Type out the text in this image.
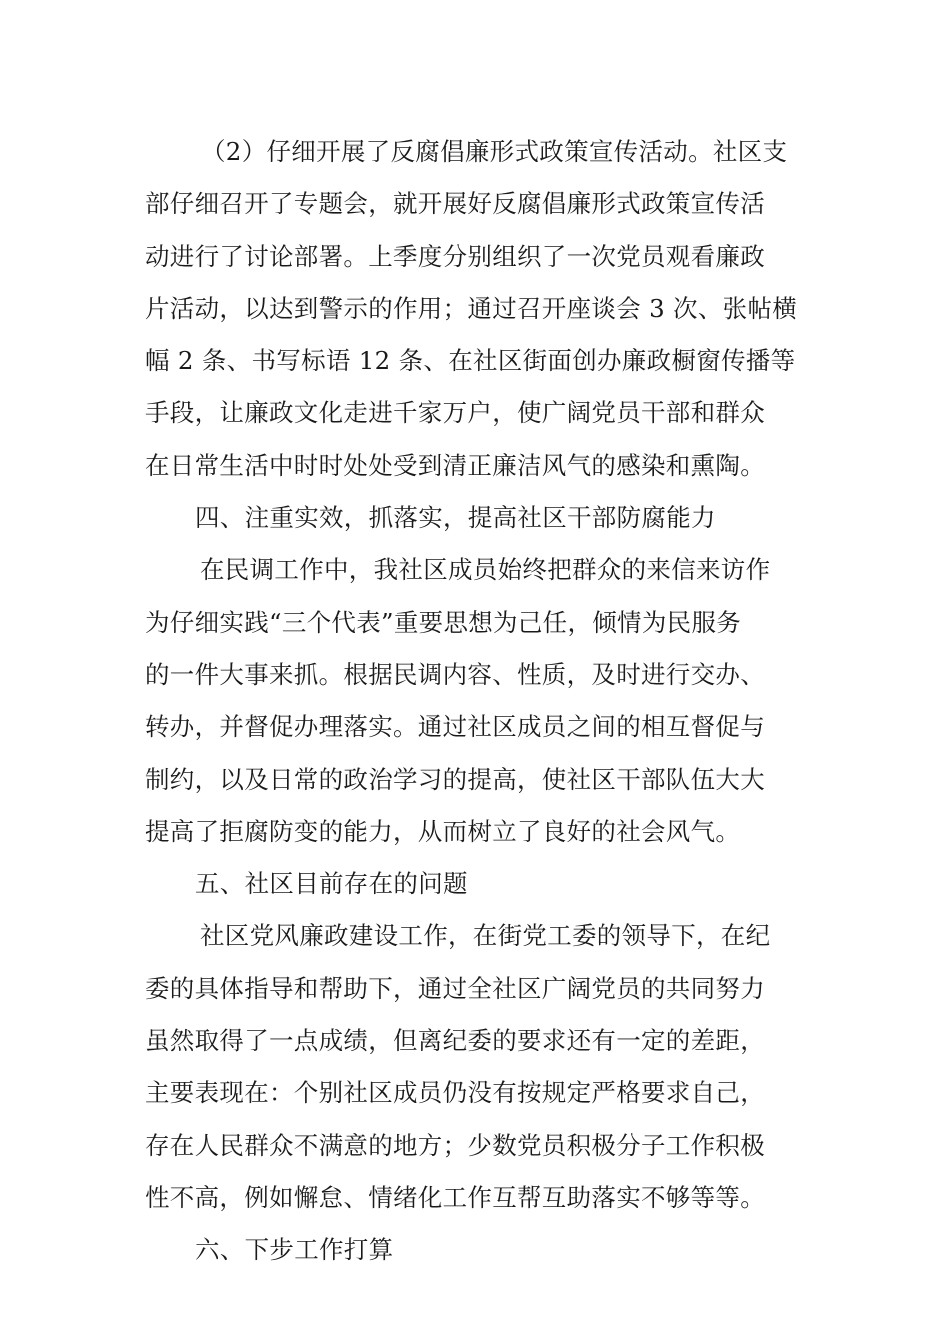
（2）仔细开展了反腐倡廉形式政策宣传活动。社区支
部仔细召开了专题会，就开展好反腐倡廉形式政策宣传活
动进行了讨论部署。上季度分别组织了一次党员观看廉政
片活动，以达到警示的作用；通过召开座谈会 3 次、张帖横
幅 2 条、书写标语 12 条、在社区街面创办廉政橱窗传播等
手段，让廉政文化走进千家万户，使广阔党员干部和群众
在日常生活中时时处处受到清正廉洁风气的感染和熏陶。

四、注重实效，抓落实，提高社区干部防腐能力

在民调工作中，我社区成员始终把群众的来信来访作
为仔细实践“三个代表”重要思想为己任，倾情为民服务
的一件大事来抓。根据民调内容、性质，及时进行交办、
转办，并督促办理落实。通过社区成员之间的相互督促与
制约，以及日常的政治学习的提高，使社区干部队伍大大
提高了拒腐防变的能力，从而树立了良好的社会风气。

五、社区目前存在的问题

社区党风廉政建设工作，在街党工委的领导下，在纪
委的具体指导和帮助下，通过全社区广阔党员的共同努力
虽然取得了一点成绩，但离纪委的要求还有一定的差距，
主要表现在：个别社区成员仍没有按规定严格要求自己，
存在人民群众不满意的地方；少数党员积极分子工作积极
性不高，例如懈怠、情绪化工作互帮互助落实不够等等。

六、下步工作打算
